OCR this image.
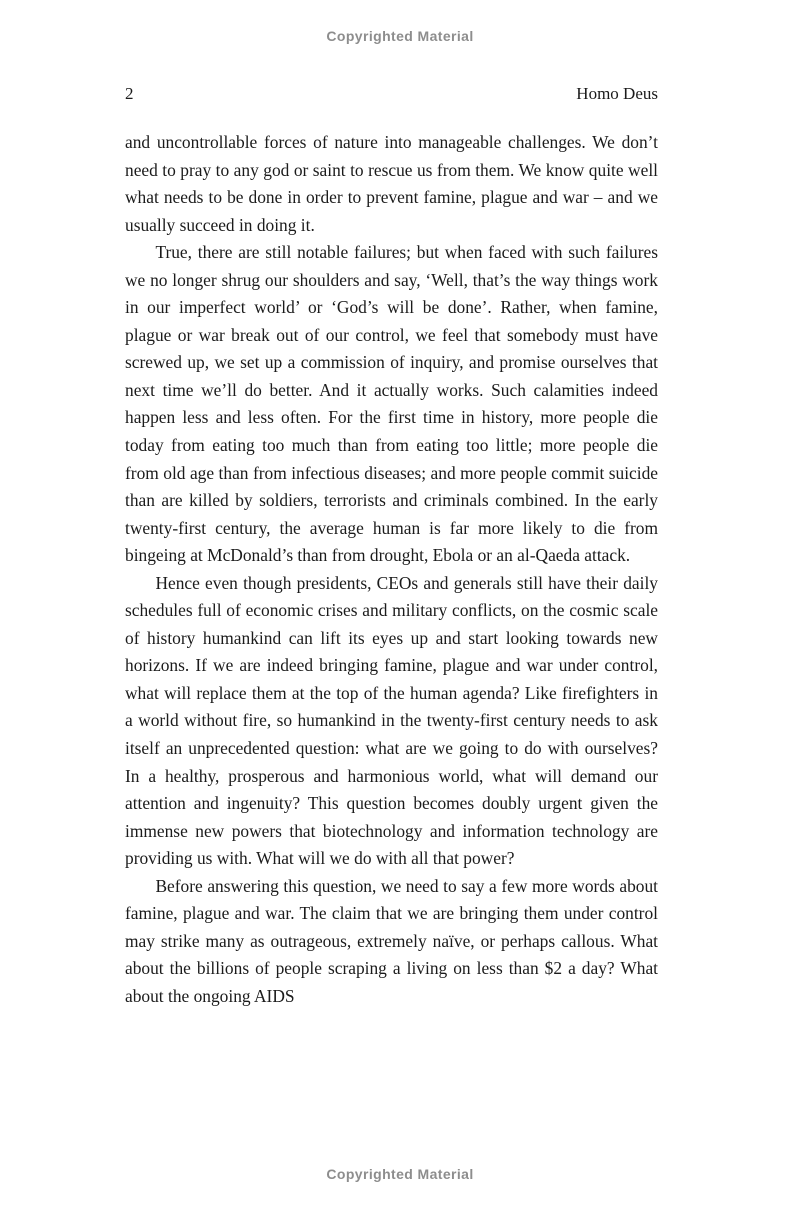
Copyrighted Material
2	Homo Deus

and uncontrollable forces of nature into manageable challenges. We don’t need to pray to any god or saint to rescue us from them. We know quite well what needs to be done in order to prevent famine, plague and war – and we usually succeed in doing it.

True, there are still notable failures; but when faced with such failures we no longer shrug our shoulders and say, ‘Well, that’s the way things work in our imperfect world’ or ‘God’s will be done’. Rather, when famine, plague or war break out of our control, we feel that somebody must have screwed up, we set up a commission of inquiry, and promise ourselves that next time we’ll do better. And it actually works. Such calamities indeed happen less and less often. For the first time in history, more people die today from eating too much than from eating too little; more people die from old age than from infectious diseases; and more people commit suicide than are killed by soldiers, terrorists and criminals combined. In the early twenty-first century, the average human is far more likely to die from bingeing at McDonald’s than from drought, Ebola or an al-Qaeda attack.

Hence even though presidents, CEOs and generals still have their daily schedules full of economic crises and military conflicts, on the cosmic scale of history humankind can lift its eyes up and start looking towards new horizons. If we are indeed bringing famine, plague and war under control, what will replace them at the top of the human agenda? Like firefighters in a world without fire, so humankind in the twenty-first century needs to ask itself an unprecedented question: what are we going to do with ourselves? In a healthy, prosperous and harmonious world, what will demand our attention and ingenuity? This question becomes doubly urgent given the immense new powers that biotechnology and information technology are providing us with. What will we do with all that power?

Before answering this question, we need to say a few more words about famine, plague and war. The claim that we are bringing them under control may strike many as outrageous, extremely naïve, or perhaps callous. What about the billions of people scraping a living on less than $2 a day? What about the ongoing AIDS

Copyrighted Material
